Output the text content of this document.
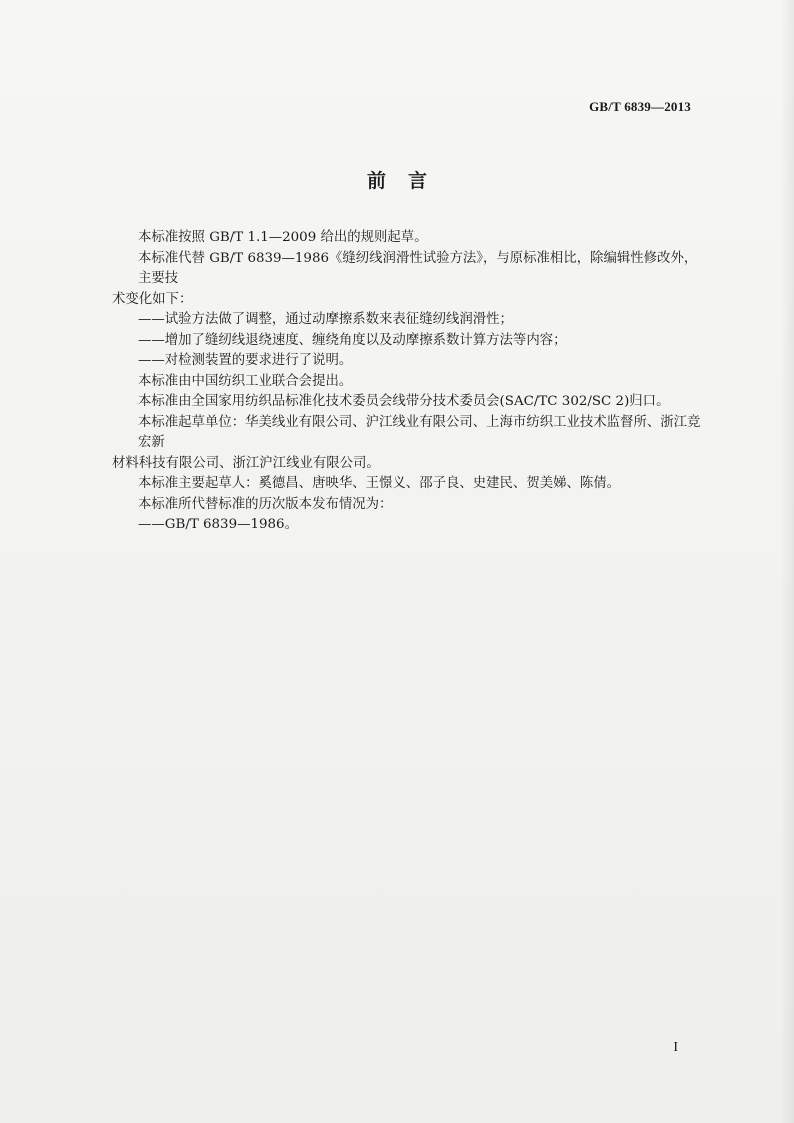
GB/T 6839—2013
前言
本标准按照 GB/T 1.1—2009 给出的规则起草。
本标准代替 GB/T 6839—1986《缝纫线润滑性试验方法》，与原标准相比，除编辑性修改外，主要技
术变化如下：
——试验方法做了调整，通过动摩擦系数来表征缝纫线润滑性；
——增加了缝纫线退绕速度、缠绕角度以及动摩擦系数计算方法等内容；
——对检测装置的要求进行了说明。
本标准由中国纺织工业联合会提出。
本标准由全国家用纺织品标准化技术委员会线带分技术委员会(SAC/TC 302/SC 2)归口。
本标准起草单位：华美线业有限公司、沪江线业有限公司、上海市纺织工业技术监督所、浙江竞宏新
材料科技有限公司、浙江沪江线业有限公司。
本标准主要起草人：奚德昌、唐映华、王憬义、邵子良、史建民、贺美娣、陈倩。
本标准所代替标准的历次版本发布情况为：
——GB/T 6839—1986。
I
